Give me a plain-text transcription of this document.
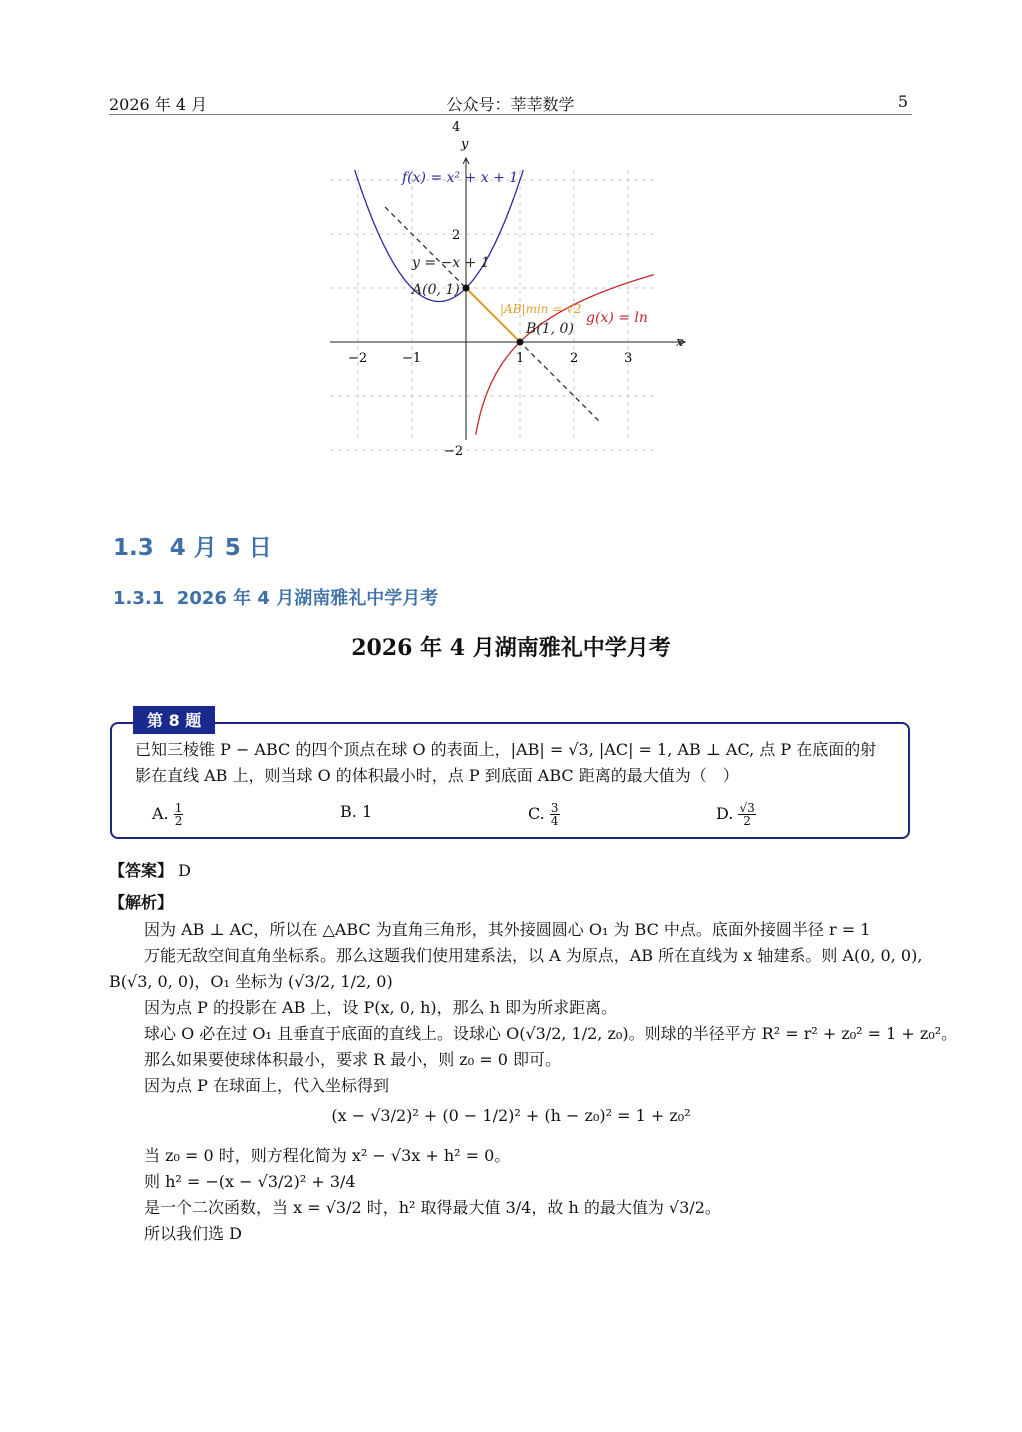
2026 年 4 月	公众号：莘莘数学	5
x
y
−2	−1	1	2	3
4
2
−2
f(x) = x² + x + 1
y = −x + 1
A(0, 1)
B(1, 0)
|AB|min = √2
g(x) = ln
1.3 4 月 5 日
1.3.1 2026 年 4 月湖南雅礼中学月考
2026 年 4 月湖南雅礼中学月考
第 8 题
已知三棱锥 P − ABC 的四个顶点在球 O 的表面上，|AB| = √3, |AC| = 1, AB ⊥ AC, 点 P 在底面的射
影在直线 AB 上，则当球 O 的体积最小时，点 P 到底面 ABC 距离的最大值为（　）
A. $\frac{1}{2}$	B. 1	C. $\frac{3}{4}$	D. $\frac{√3}{2}$
【答案】 D
【解析】
因为 AB ⊥ AC，所以在 △ABC 为直角三角形，其外接圆圆心 O₁ 为 BC 中点。底面外接圆半径 r = 1
万能无敌空间直角坐标系。那么这题我们使用建系法，以 A 为原点，AB 所在直线为 x 轴建系。则 A(0, 0, 0),
B(√3, 0, 0)，O₁ 坐标为 (√3/2, 1/2, 0)
因为点 P 的投影在 AB 上，设 P(x, 0, h)，那么 h 即为所求距离。
球心 O 必在过 O₁ 且垂直于底面的直线上。设球心 O(√3/2, 1/2, z₀)。则球的半径平方 R² = r² + z₀² = 1 + z₀²。
那么如果要使球体积最小，要求 R 最小，则 z₀ = 0 即可。
因为点 P 在球面上，代入坐标得到
(x − √3/2)² + (0 − 1/2)² + (h − z₀)² = 1 + z₀²
当 z₀ = 0 时，则方程化简为 x² − √3x + h² = 0。
则 h² = −(x − √3/2)² + 3/4
是一个二次函数，当 x = √3/2 时，h² 取得最大值 3/4，故 h 的最大值为 √3/2。
所以我们选 D
